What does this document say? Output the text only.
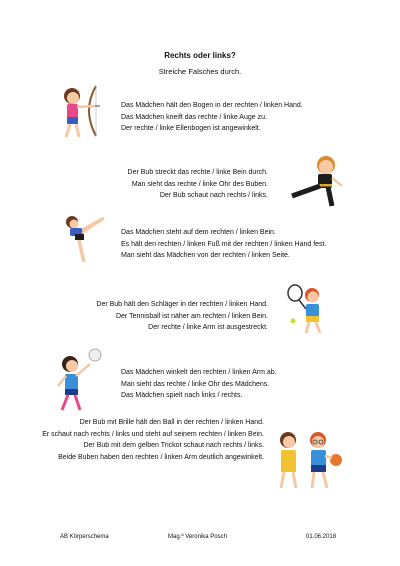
Rechts oder links?
Streiche Falsches durch.

Das Mädchen hält den Bogen in der rechten / linken Hand.

Das Mädchen kneift das rechte / linke Auge zu.

Der rechte / linke Ellenbogen ist angewinkelt.

Der Bub streckt das rechte / linke Bein durch.

Man sieht das rechte / linke Ohr des Buben.

Der Bub schaut nach rechts / links.

Das Mädchen steht auf dem rechten / linken Bein.

Es hält den rechten / linken Fuß mit der rechten / linken Hand fest.

Man sieht das Mädchen von der rechten / linken Seite.

Der Bub hält den Schläger in der rechten / linken Hand.

Der Tennisball ist näher am rechten / linken Bein.

Der rechte / linke Arm ist ausgestreckt.

Das Mädchen winkelt den rechten / linken Arm ab.

Man sieht das rechte / linke Ohr des Mädchens.

Das Mädchen spielt nach links / rechts.

Der Bub mit Brille hält den Ball in der rechten / linken Hand.

Er schaut nach rechts / links und steht auf seinem rechten / linken Bein.

Der Bub mit dem gelben Trickot schaut nach rechts / links.

Beide Buben haben den rechten / linken Arm deutlich angewinkelt.

AB Körperschema	Mag.ª Veronika Posch	01.06.2018
